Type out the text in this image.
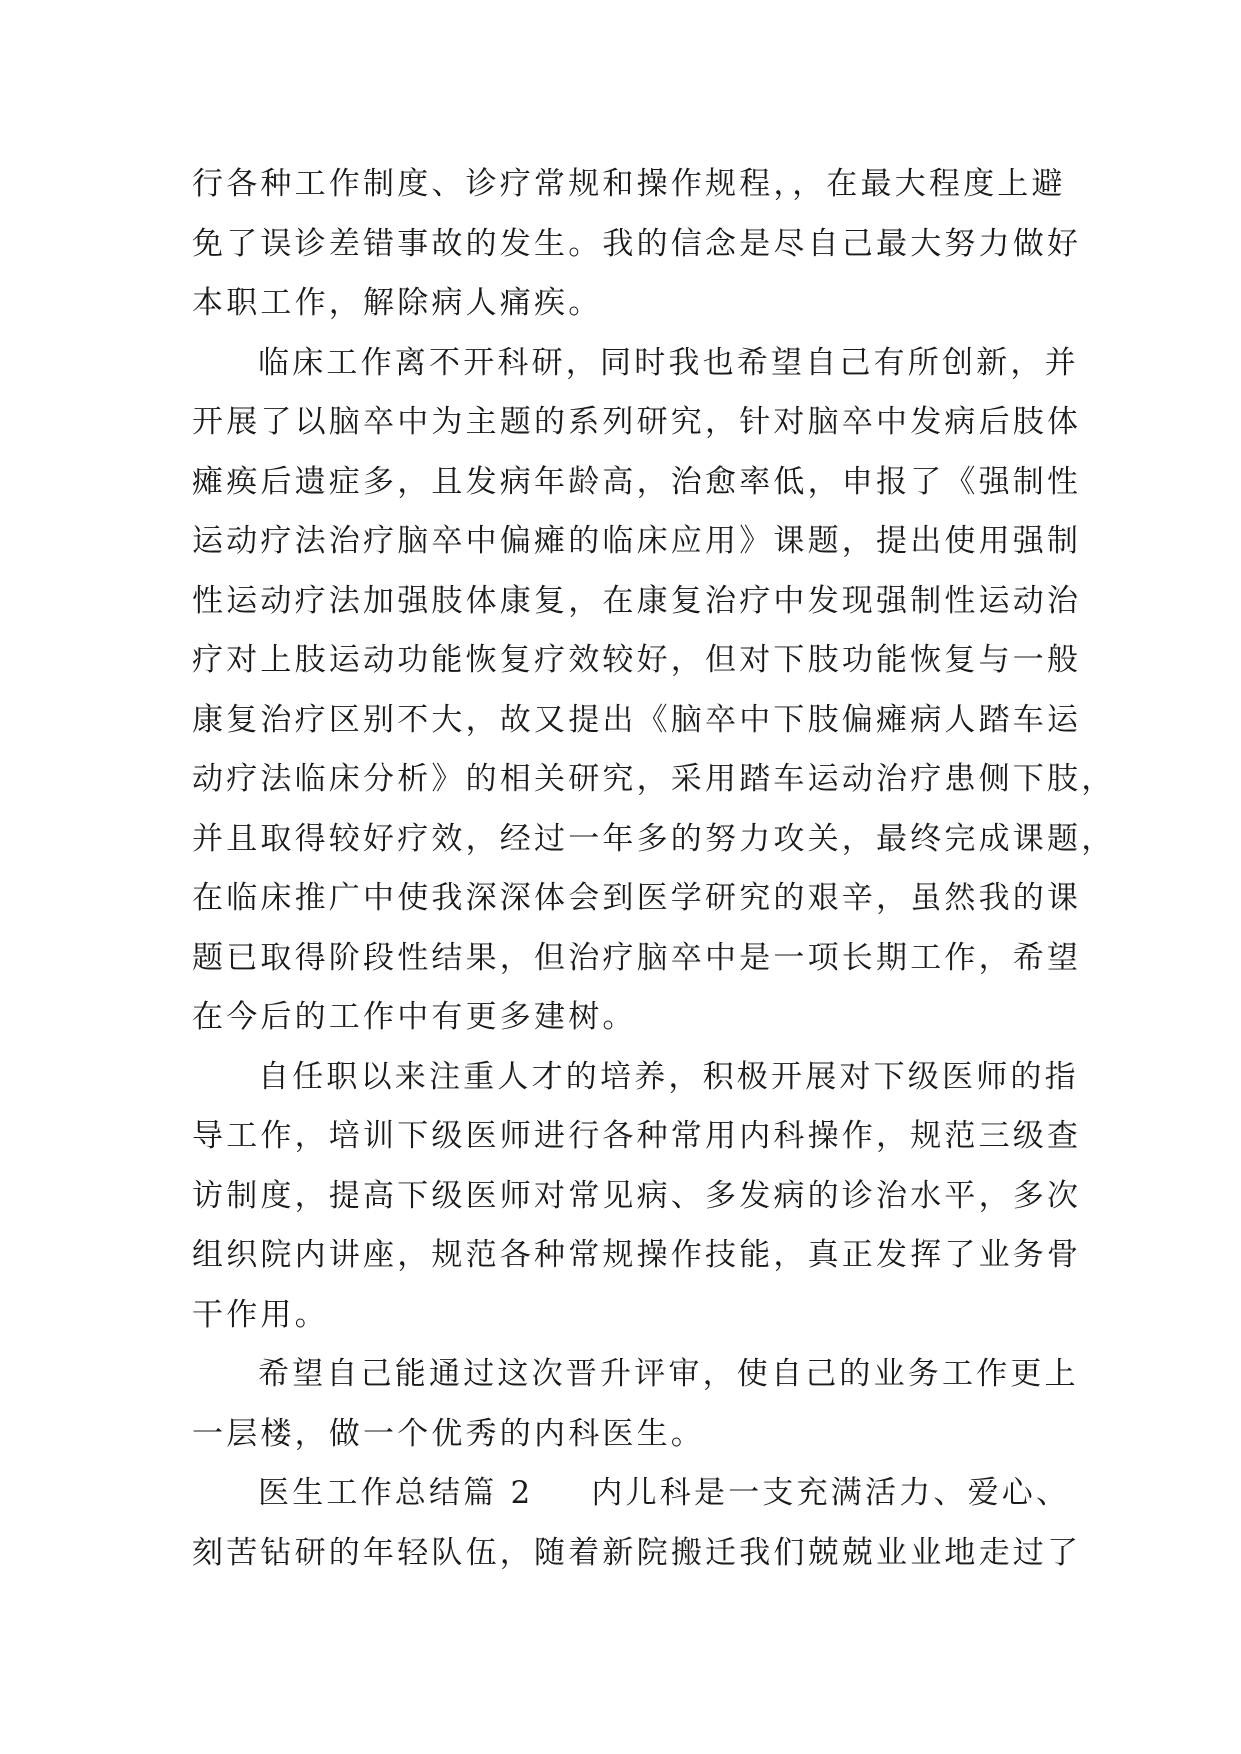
行各种工作制度、诊疗常规和操作规程，，在最大程度上避
免了误诊差错事故的发生。我的信念是尽自己最大努力做好
本职工作，解除病人痛疾。
临床工作离不开科研，同时我也希望自己有所创新，并
开展了以脑卒中为主题的系列研究，针对脑卒中发病后肢体
瘫痪后遗症多，且发病年龄高，治愈率低，申报了《强制性
运动疗法治疗脑卒中偏瘫的临床应用》课题，提出使用强制
性运动疗法加强肢体康复，在康复治疗中发现强制性运动治
疗对上肢运动功能恢复疗效较好，但对下肢功能恢复与一般
康复治疗区别不大，故又提出《脑卒中下肢偏瘫病人踏车运
动疗法临床分析》的相关研究，采用踏车运动治疗患侧下肢，
并且取得较好疗效，经过一年多的努力攻关，最终完成课题，
在临床推广中使我深深体会到医学研究的艰辛，虽然我的课
题已取得阶段性结果，但治疗脑卒中是一项长期工作，希望
在今后的工作中有更多建树。
自任职以来注重人才的培养，积极开展对下级医师的指
导工作，培训下级医师进行各种常用内科操作，规范三级查
访制度，提高下级医师对常见病、多发病的诊治水平，多次
组织院内讲座，规范各种常规操作技能，真正发挥了业务骨
干作用。
希望自己能通过这次晋升评审，使自己的业务工作更上
一层楼，做一个优秀的内科医生。
医生工作总结篇 2 内儿科是一支充满活力、爱心、
刻苦钻研的年轻队伍，随着新院搬迁我们兢兢业业地走过了
